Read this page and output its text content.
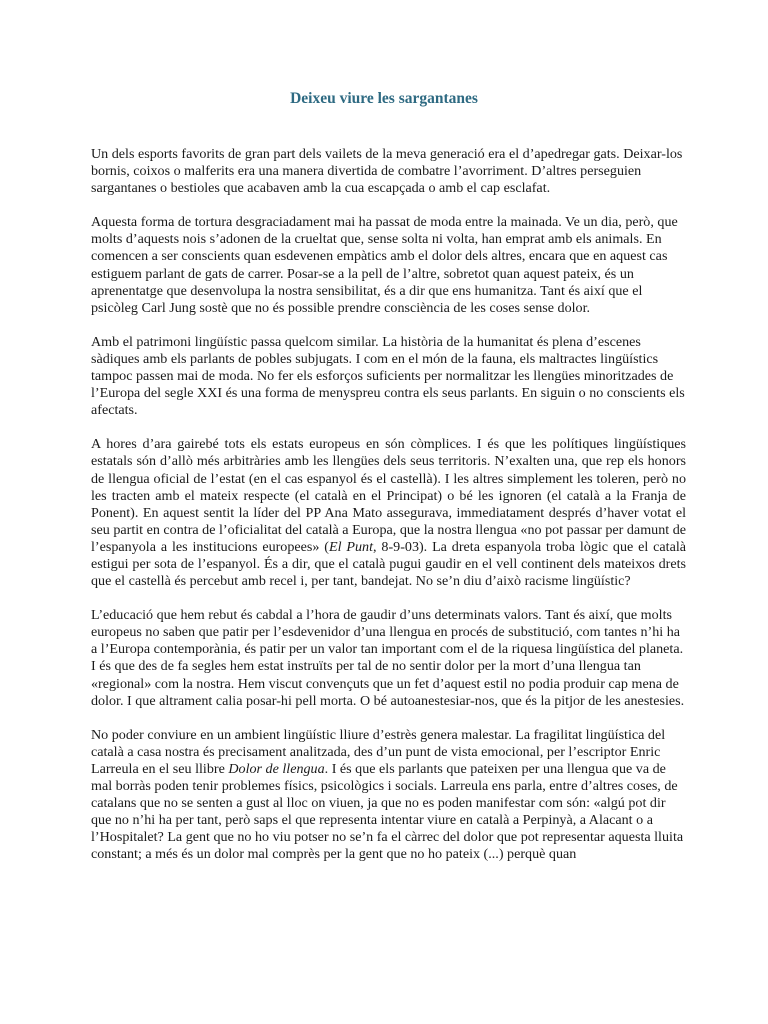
Deixeu viure les sargantanes

Un dels esports favorits de gran part dels vailets de la meva generació era el d’apedregar gats. Deixar-los bornis, coixos o malferits era una manera divertida de combatre l’avorriment. D’altres perseguien sargantanes o bestioles que acabaven amb la cua escapçada o amb el cap esclafat.

Aquesta forma de tortura desgraciadament mai ha passat de moda entre la mainada. Ve un dia, però, que molts d’aquests nois s’adonen de la crueltat que, sense solta ni volta, han emprat amb els animals. En comencen a ser conscients quan esdevenen empàtics amb el dolor dels altres, encara que en aquest cas estiguem parlant de gats de carrer. Posar-se a la pell de l’altre, sobretot quan aquest pateix, és un aprenentatge que desenvolupa la nostra sensibilitat, és a dir que ens humanitza. Tant és així que el psicòleg Carl Jung sostè que no és possible prendre consciència de les coses sense dolor.

Amb el patrimoni lingüístic passa quelcom similar. La història de la humanitat és plena d’escenes sàdiques amb els parlants de pobles subjugats. I com en el món de la fauna, els maltractes lingüístics tampoc passen mai de moda. No fer els esforços suficients per normalitzar les llengües minoritzades de l’Europa del segle XXI és una forma de menyspreu contra els seus parlants. En siguin o no conscients els afectats.

A hores d’ara gairebé tots els estats europeus en són còmplices. I és que les polítiques lingüístiques estatals són d’allò més arbitràries amb les llengües dels seus territoris. N’exalten una, que rep els honors de llengua oficial de l’estat (en el cas espanyol és el castellà). I les altres simplement les toleren, però no les tracten amb el mateix respecte (el català en el Principat) o bé les ignoren (el català a la Franja de Ponent). En aquest sentit la líder del PP Ana Mato assegurava, immediatament després d’haver votat el seu partit en contra de l’oficialitat del català a Europa, que la nostra llengua «no pot passar per damunt de l’espanyola a les institucions europees» (El Punt, 8-9-03). La dreta espanyola troba lògic que el català estigui per sota de l’espanyol. És a dir, que el català pugui gaudir en el vell continent dels mateixos drets que el castellà és percebut amb recel i, per tant, bandejat. No se’n diu d’això racisme lingüístic?

L’educació que hem rebut és cabdal a l’hora de gaudir d’uns determinats valors. Tant és així, que molts europeus no saben que patir per l’esdevenidor d’una llengua en procés de substitució, com tantes n’hi ha a l’Europa contemporània, és patir per un valor tan important com el de la riquesa lingüística del planeta. I és que des de fa segles hem estat instruïts per tal de no sentir dolor per la mort d’una llengua tan «regional» com la nostra. Hem viscut convençuts que un fet d’aquest estil no podia produir cap mena de dolor. I que altrament calia posar-hi pell morta. O bé autoanestesiar-nos, que és la pitjor de les anestesies.

No poder conviure en un ambient lingüístic lliure d’estrès genera malestar. La fragilitat lingüística del català a casa nostra és precisament analitzada, des d’un punt de vista emocional, per l’escriptor Enric Larreula en el seu llibre Dolor de llengua. I és que els parlants que pateixen per una llengua que va de mal borràs poden tenir problemes físics, psicològics i socials. Larreula ens parla, entre d’altres coses, de catalans que no se senten a gust al lloc on viuen, ja que no es poden manifestar com són: «algú pot dir que no n’hi ha per tant, però saps el que representa intentar viure en català a Perpinyà, a Alacant o a l’Hospitalet? La gent que no ho viu potser no se’n fa el càrrec del dolor que pot representar aquesta lluita constant; a més és un dolor mal comprès per la gent que no ho pateix (...) perquè quan
